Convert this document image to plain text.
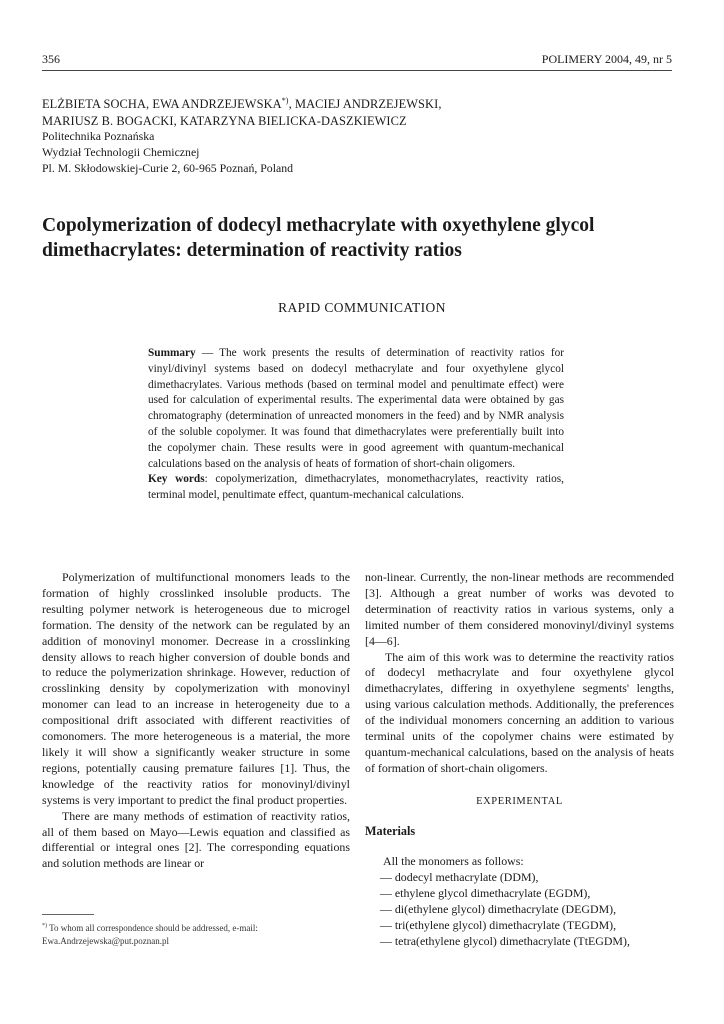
356	POLIMERY 2004, 49, nr 5
ELŻBIETA SOCHA, EWA ANDRZEJEWSKA*), MACIEJ ANDRZEJEWSKI,
MARIUSZ B. BOGACKI, KATARZYNA BIELICKA-DASZKIEWICZ
Politechnika Poznańska
Wydział Technologii Chemicznej
Pl. M. Skłodowskiej-Curie 2, 60-965 Poznań, Poland
Copolymerization of dodecyl methacrylate with oxyethylene glycol
dimethacrylates: determination of reactivity ratios
RAPID COMMUNICATION
Summary — The work presents the results of determination of reactivity ratios for vinyl/divinyl systems based on dodecyl methacrylate and four oxyethylene glycol dimethacrylates. Various methods (based on terminal model and penultimate effect) were used for calculation of experimental results. The experimental data were obtained by gas chromatography (determination of unreacted monomers in the feed) and by NMR analysis of the soluble copolymer. It was found that dimethacrylates were preferentially built into the copolymer chain. These results were in good agreement with quantum-mechanical calculations based on the analysis of heats of formation of short-chain oligomers.
Key words: copolymerization, dimethacrylates, monomethacrylates, reactivity ratios, terminal model, penultimate effect, quantum-mechanical calculations.

Polymerization of multifunctional monomers leads to the formation of highly crosslinked insoluble products. The resulting polymer network is heterogeneous due to microgel formation. The density of the network can be regulated by an addition of monovinyl monomer. Decrease in a crosslinking density allows to reach higher conversion of double bonds and to reduce the polymerization shrinkage. However, reduction of crosslinking density by copolymerization with monovinyl monomer can lead to an increase in heterogeneity due to a compositional drift associated with different reactivities of comonomers. The more heterogeneous is a material, the more likely it will show a significantly weaker structure in some regions, potentially causing premature failures [1]. Thus, the knowledge of the reactivity ratios for monovinyl/divinyl systems is very important to predict the final product properties.

There are many methods of estimation of reactivity ratios, all of them based on Mayo—Lewis equation and classified as differential or integral ones [2]. The corresponding equations and solution methods are linear or

non-linear. Currently, the non-linear methods are recommended [3]. Although a great number of works was devoted to determination of reactivity ratios in various systems, only a limited number of them considered monovinyl/divinyl systems [4—6].

The aim of this work was to determine the reactivity ratios of dodecyl methacrylate and four oxyethylene glycol dimethacrylates, differing in oxyethylene segments' lengths, using various calculation methods. Additionally, the preferences of the individual monomers concerning an addition to various terminal units of the copolymer chains were estimated by quantum-mechanical calculations, based on the analysis of heats of formation of short-chain oligomers.

EXPERIMENTAL
Materials
All the monomers as follows:
— dodecyl methacrylate (DDM),
— ethylene glycol dimethacrylate (EGDM),
— di(ethylene glycol) dimethacrylate (DEGDM),
— tri(ethylene glycol) dimethacrylate (TEGDM),
— tetra(ethylene glycol) dimethacrylate (TtEGDM),
*) To whom all correspondence should be addressed, e-mail: Ewa.Andrzejewska@put.poznan.pl
